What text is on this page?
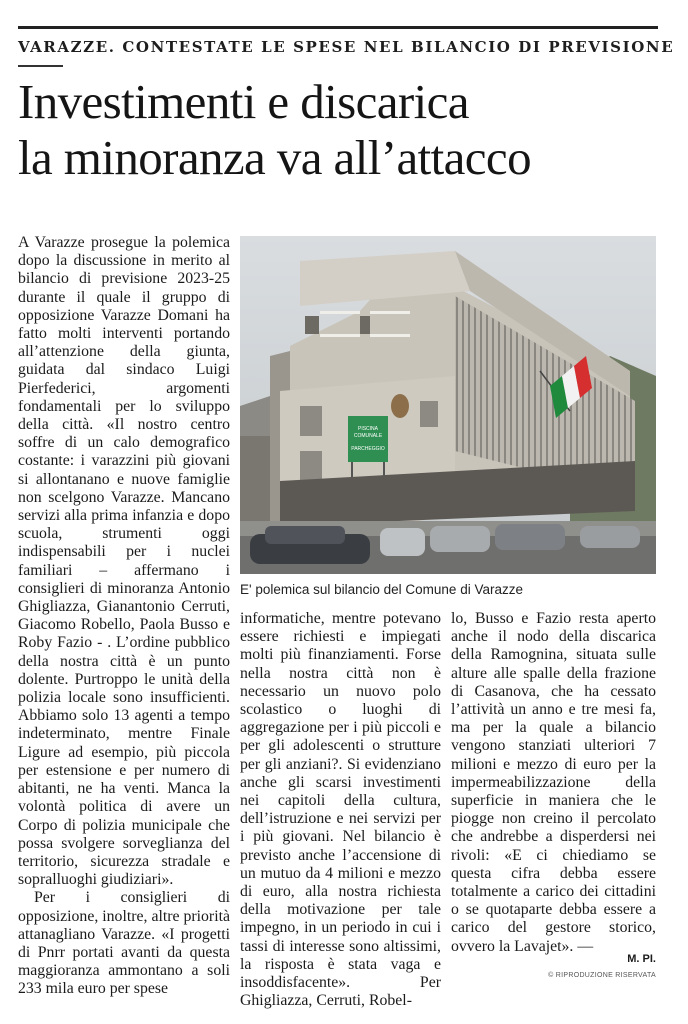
VARAZZE. CONTESTATE LE SPESE NEL BILANCIO DI PREVISIONE
Investimenti e discarica
la minoranza va all’attacco

A Varazze prosegue la polemica dopo la discussione in merito al bilancio di previsione 2023-25 durante il quale il gruppo di opposizione Varazze Domani ha fatto molti interventi portando all’attenzione della giunta, guidata dal sindaco Luigi Pierfederici, argomenti fondamentali per lo sviluppo della città. «Il nostro centro soffre di un calo demografico costante: i varazzini più giovani si allontanano e nuove famiglie non scelgono Varazze. Mancano servizi alla prima infanzia e dopo scuola, strumenti oggi indispensabili per i nuclei familiari – affermano i consiglieri di minoranza Antonio Ghigliazza, Gianantonio Cerruti, Giacomo Robello, Paola Busso e Roby Fazio - . L’ordine pubblico della nostra città è un punto dolente. Purtroppo le unità della polizia locale sono insufficienti. Abbiamo solo 13 agenti a tempo indeterminato, mentre Finale Ligure ad esempio, più piccola per estensione e per numero di abitanti, ne ha venti. Manca la volontà politica di avere un Corpo di polizia municipale che possa svolgere sorveglianza del territorio, sicurezza stradale e sopralluoghi giudiziari».

Per i consiglieri di opposizione, inoltre, altre priorità attanagliano Varazze. «I progetti di Pnrr portati avanti da questa maggioranza ammontano a soli 233 mila euro per spese

PISCINA
COMUNALE
PARCHEGGIO
E' polemica sul bilancio del Comune di Varazze

informatiche, mentre potevano essere richiesti e impiegati molti più finanziamenti. Forse nella nostra città non è necessario un nuovo polo scolastico o luoghi di aggregazione per i più piccoli e per gli adolescenti o strutture per gli anziani?. Si evidenziano anche gli scarsi investimenti nei capitoli della cultura, dell’istruzione e nei servizi per i più giovani. Nel bilancio è previsto anche l’accensione di un mutuo da 4 milioni e mezzo di euro, alla nostra richiesta della motivazione per tale impegno, in un periodo in cui i tassi di interesse sono altissimi, la risposta è stata vaga e insoddisfacente». Per Ghigliazza, Cerruti, Robel-

lo, Busso e Fazio resta aperto anche il nodo della discarica della Ramognina, situata sulle alture alle spalle della frazione di Casanova, che ha cessato l’attività un anno e tre mesi fa, ma per la quale a bilancio vengono stanziati ulteriori 7 milioni e mezzo di euro per la impermeabilizzazione della superficie in maniera che le piogge non creino il percolato che andrebbe a disperdersi nei rivoli: «E ci chiediamo se questa cifra debba essere totalmente a carico dei cittadini o se quotaparte debba essere a carico del gestore storico, ovvero la Lavajet». —

M. PI.
© RIPRODUZIONE RISERVATA
